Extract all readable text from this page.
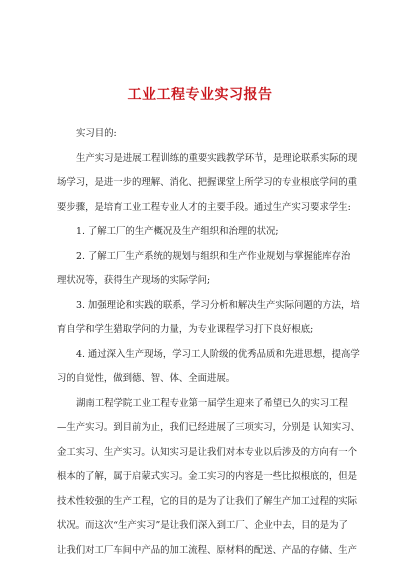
工业工程专业实习报告
实习目的:
生产实习是进展工程训练的重要实践教学环节，是理论联系实际的现
场学习，是进一步的理解、消化、把握课堂上所学习的专业根底学问的重
要步骤，是培育工业工程专业人才的主要手段。通过生产实习要求学生:
1. 了解工厂的生产概况及生产组织和治理的状况;
2. 了解工厂生产系统的规划与组织和生产作业规划与掌握能库存治
理状况等，获得生产现场的实际学问;
3. 加强理论和实践的联系，学习分析和解决生产实际问题的方法，培
育自学和学生猎取学问的力量，为专业课程学习打下良好根底;
4. 通过深入生产现场，学习工人阶级的优秀品质和先进思想，提高学
习的自觉性，做到德、智、体、全面进展。
湖南工程学院工业工程专业第一届学生迎来了希望已久的实习工程
—生产实习。到目前为止，我们已经进展了三项实习，分别是 认知实习、
金工实习、生产实习。认知实习是让我们对本专业以后涉及的方向有一个
根本的了解，属于启蒙式实习。金工实习的内容是一些比拟根底的，但是
技术性较强的生产工程，它的目的是为了让我们了解生产加工过程的实际
状况。而这次“生产实习”是让我们深入到工厂、企业中去，目的是为了
让我们对工厂车间中产品的加工流程、原材料的配送、产品的存储、生产
